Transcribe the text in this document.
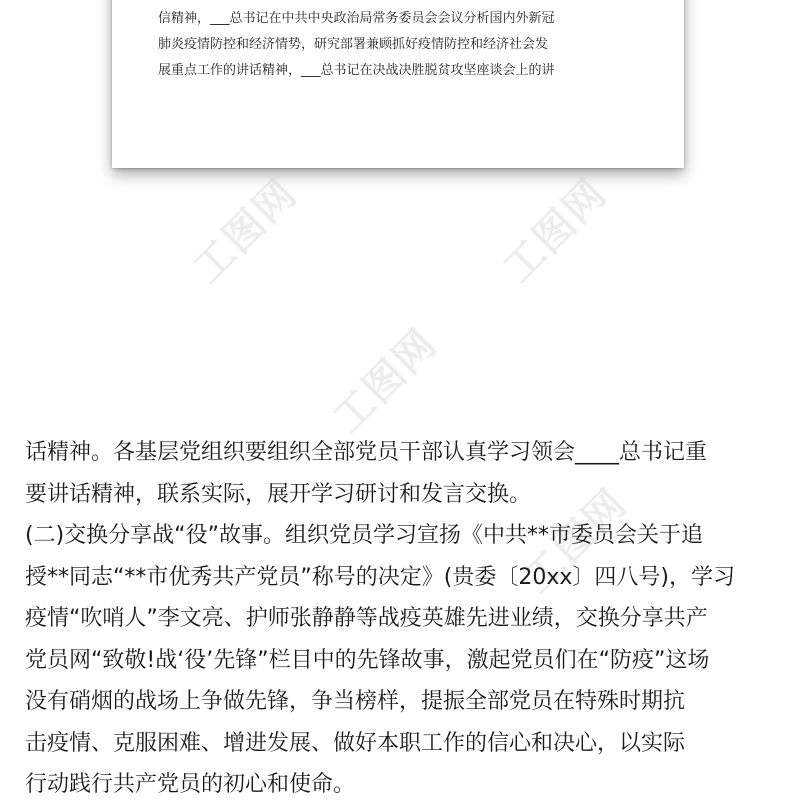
信精神，___总书记在中共中央政治局常务委员会会议分析国内外新冠
肺炎疫情防控和经济情势，研究部署兼顾抓好疫情防控和经济社会发
展重点工作的讲话精神，___总书记在决战决胜脱贫攻坚座谈会上的讲
工图网	工图网
工图网
工图网
话精神。各基层党组织要组织全部党员干部认真学习领会____总书记重
要讲话精神，联系实际，展开学习研讨和发言交换。
(二)交换分享战“役”故事。组织党员学习宣扬《中共**市委员会关于追
授**同志“**市优秀共产党员”称号的决定》(贵委〔20xx〕四八号)，学习
疫情“吹哨人”李文亮、护师张静静等战疫英雄先进业绩，交换分享共产
党员网“致敬!战‘役’先锋”栏目中的先锋故事，激起党员们在“防疫”这场
没有硝烟的战场上争做先锋，争当榜样，提振全部党员在特殊时期抗
击疫情、克服困难、增进发展、做好本职工作的信心和决心，以实际
行动践行共产党员的初心和使命。
